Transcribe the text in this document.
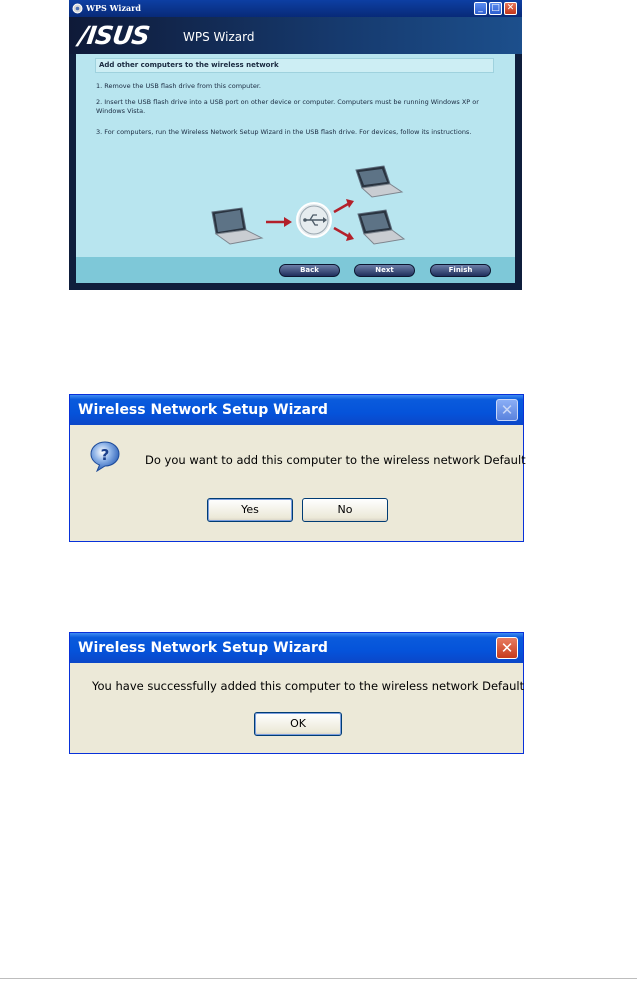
WPS Wizard	_ □ ✕
/ISUS	WPS Wizard
Add other computers to the wireless network
1. Remove the USB flash drive from this computer.
2. Insert the USB flash drive into a USB port on other device or computer. Computers must be running Windows XP or Windows Vista.
3. For computers, run the Wireless Network Setup Wizard in the USB flash drive. For devices, follow its instructions.
Back	Next	Finish
Wireless Network Setup Wizard	✕
?	Do you want to add this computer to the wireless network Default
Yes	No
Wireless Network Setup Wizard	✕
You have successfully added this computer to the wireless network Default
OK
